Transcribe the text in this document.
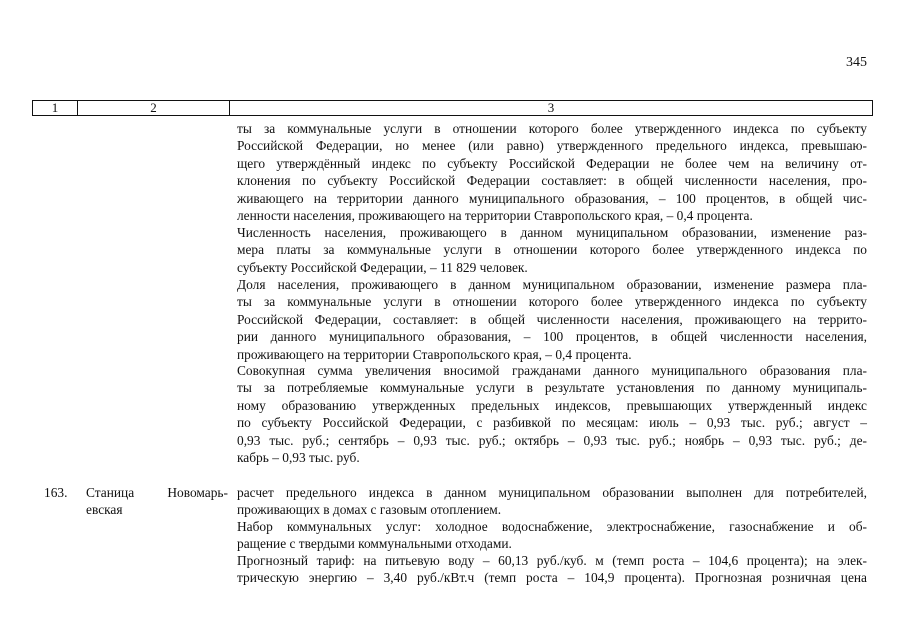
345
1	2	3
ты за коммунальные услуги в отношении которого более утвержденного индекса по субъекту
Российской Федерации, но менее (или равно) утвержденного предельного индекса, превышаю-
щего утверждённый индекс по субъекту Российской Федерации не более чем на величину от-
клонения по субъекту Российской Федерации составляет: в общей численности населения, про-
живающего на территории данного муниципального образования, – 100 процентов, в общей чис-
ленности населения, проживающего на территории Ставропольского края, – 0,4 процента.
Численность населения, проживающего в данном муниципальном образовании, изменение раз-
мера платы за коммунальные услуги в отношении которого более утвержденного индекса по
субъекту Российской Федерации, – 11 829 человек.
Доля населения, проживающего в данном муниципальном образовании, изменение размера пла-
ты за коммунальные услуги в отношении которого более утвержденного индекса по субъекту
Российской Федерации, составляет: в общей численности населения, проживающего на террито-
рии данного муниципального образования, – 100 процентов, в общей численности населения,
проживающего на территории Ставропольского края, – 0,4 процента.
Совокупная сумма увеличения вносимой гражданами данного муниципального образования пла-
ты за потребляемые коммунальные услуги в результате установления по данному муниципаль-
ному образованию утвержденных предельных индексов, превышающих утвержденный индекс
по субъекту Российской Федерации, с разбивкой по месяцам: июль – 0,93 тыс. руб.; август –
0,93 тыс. руб.; сентябрь – 0,93 тыс. руб.; октябрь – 0,93 тыс. руб.; ноябрь – 0,93 тыс. руб.; де-
кабрь – 0,93 тыс. руб.
163. Станица Новомарь-
евская
расчет предельного индекса в данном муниципальном образовании выполнен для потребителей,
проживающих в домах с газовым отоплением.
Набор коммунальных услуг: холодное водоснабжение, электроснабжение, газоснабжение и об-
ращение с твердыми коммунальными отходами.
Прогнозный тариф: на питьевую воду – 60,13 руб./куб. м (темп роста – 104,6 процента); на элек-
трическую энергию – 3,40 руб./кВт.ч (темп роста – 104,9 процента). Прогнозная розничная цена
